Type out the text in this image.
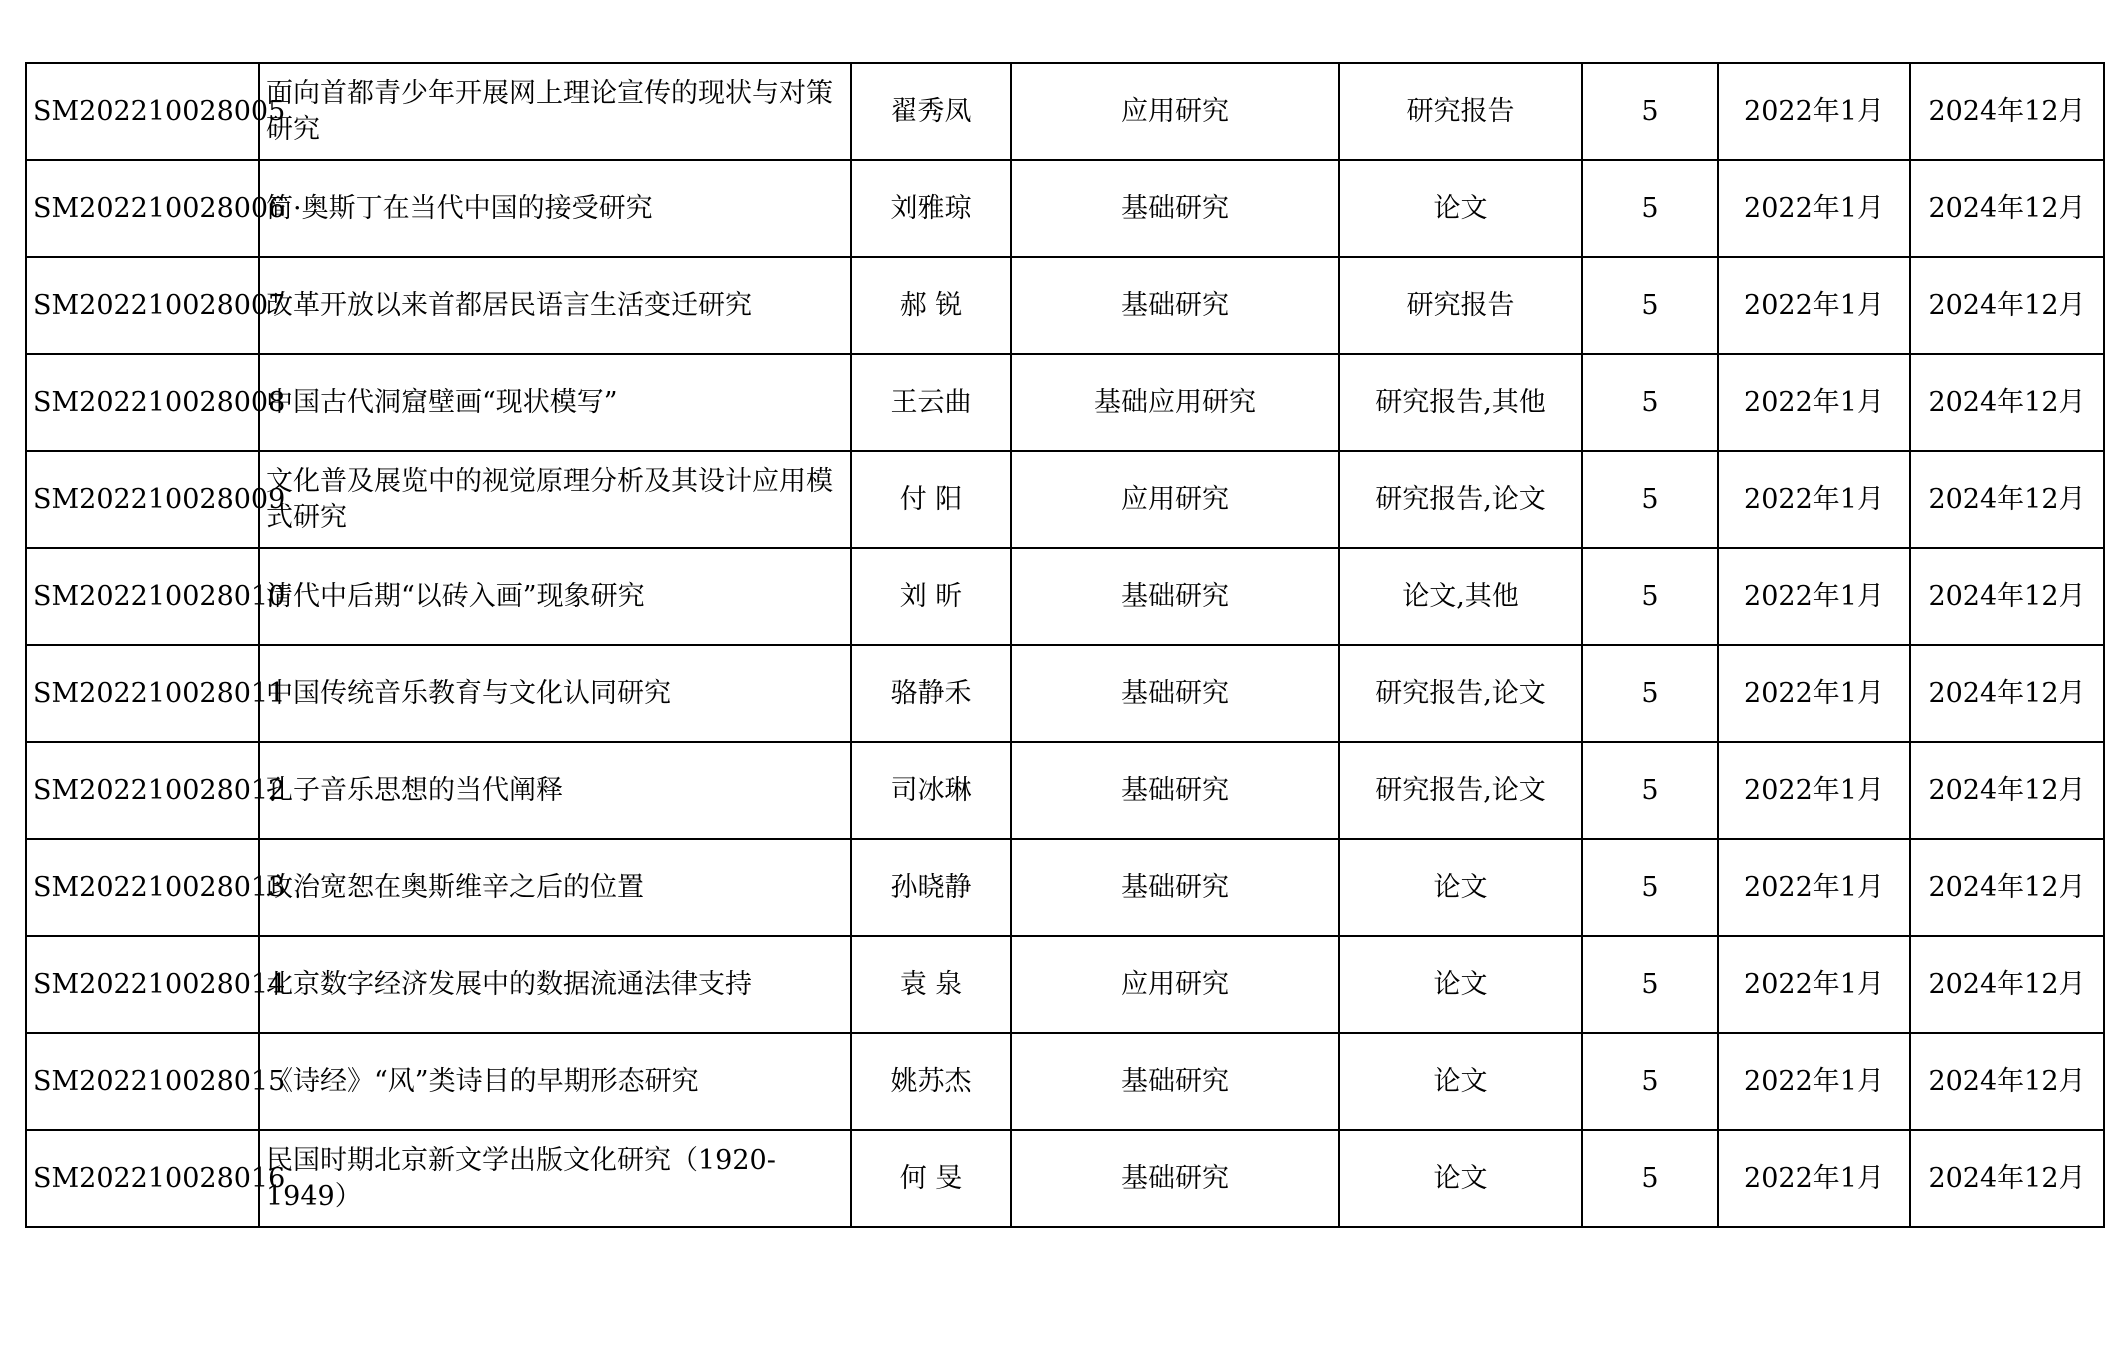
SM202210028005	面向首都青少年开展网上理论宣传的现状与对策研究	翟秀凤	应用研究	研究报告	5	2022年1月	2024年12月
SM202210028006	简·奥斯丁在当代中国的接受研究	刘雅琼	基础研究	论文	5	2022年1月	2024年12月
SM202210028007	改革开放以来首都居民语言生活变迁研究	郝 锐	基础研究	研究报告	5	2022年1月	2024年12月
SM202210028008	中国古代洞窟壁画“现状模写”	王云曲	基础应用研究	研究报告,其他	5	2022年1月	2024年12月
SM202210028009	文化普及展览中的视觉原理分析及其设计应用模式研究	付 阳	应用研究	研究报告,论文	5	2022年1月	2024年12月
SM202210028010	清代中后期“以砖入画”现象研究	刘 昕	基础研究	论文,其他	5	2022年1月	2024年12月
SM202210028011	中国传统音乐教育与文化认同研究	骆静禾	基础研究	研究报告,论文	5	2022年1月	2024年12月
SM202210028012	孔子音乐思想的当代阐释	司冰琳	基础研究	研究报告,论文	5	2022年1月	2024年12月
SM202210028013	政治宽恕在奥斯维辛之后的位置	孙晓静	基础研究	论文	5	2022年1月	2024年12月
SM202210028014	北京数字经济发展中的数据流通法律支持	袁 泉	应用研究	论文	5	2022年1月	2024年12月
SM202210028015	《诗经》“风”类诗目的早期形态研究	姚苏杰	基础研究	论文	5	2022年1月	2024年12月
SM202210028016	民国时期北京新文学出版文化研究（1920-1949）	何 旻	基础研究	论文	5	2022年1月	2024年12月
